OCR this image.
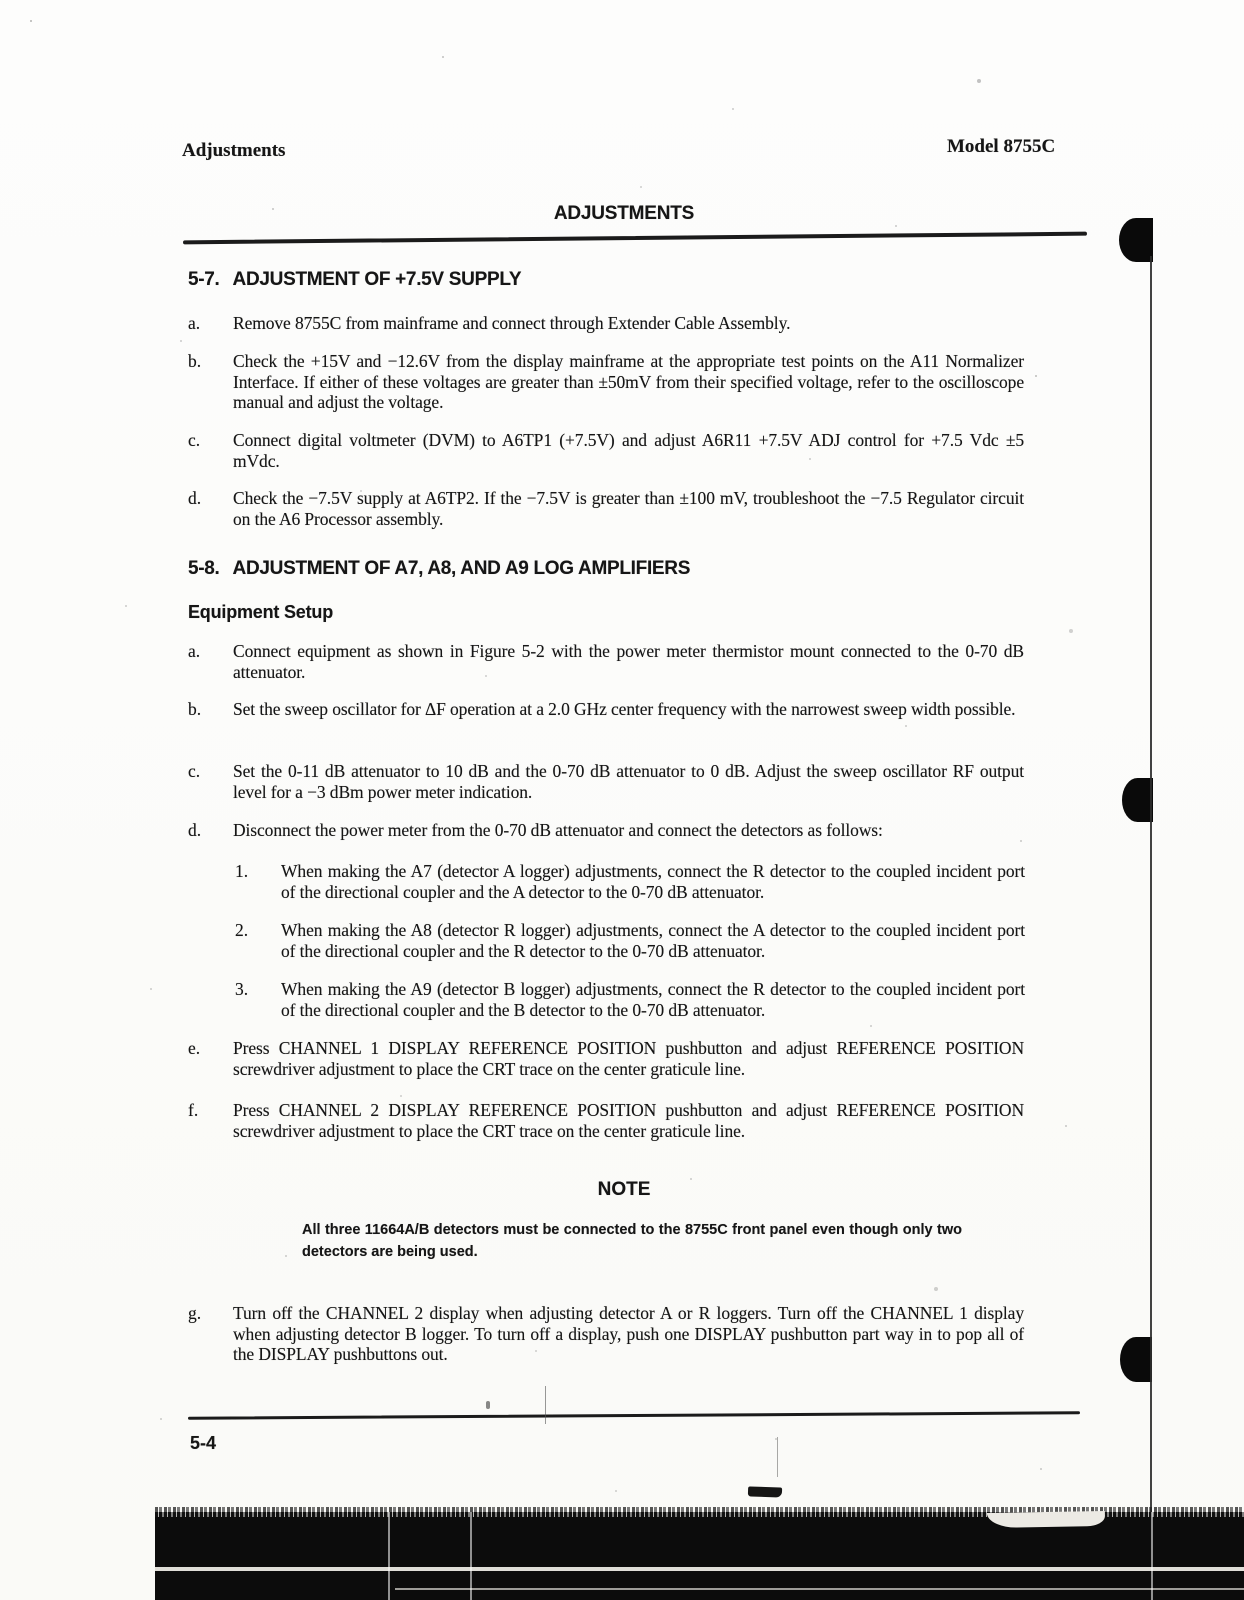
Adjustments	Model 8755C
ADJUSTMENTS
5-7. ADJUSTMENT OF +7.5V SUPPLY
a.	Remove 8755C from mainframe and connect through Extender Cable Assembly.

b.	Check the +15V and −12.6V from the display mainframe at the appropriate test points on the A11 Normalizer Interface. If either of these voltages are greater than ±50mV from their specified voltage, refer to the oscilloscope manual and adjust the voltage.

c.	Connect digital voltmeter (DVM) to A6TP1 (+7.5V) and adjust A6R11 +7.5V ADJ control for +7.5 Vdc ±5 mVdc.

d.	Check the −7.5V supply at A6TP2. If the −7.5V is greater than ±100 mV, troubleshoot the −7.5 Regulator circuit on the A6 Processor assembly.

5-8. ADJUSTMENT OF A7, A8, AND A9 LOG AMPLIFIERS
Equipment Setup
a.	Connect equipment as shown in Figure 5-2 with the power meter thermistor mount connected to the 0-70 dB attenuator.

b.	Set the sweep oscillator for ΔF operation at a 2.0 GHz center frequency with the narrowest sweep width possible.

c.	Set the 0-11 dB attenuator to 10 dB and the 0-70 dB attenuator to 0 dB. Adjust the sweep oscillator RF output level for a −3 dBm power meter indication.

d.	Disconnect the power meter from the 0-70 dB attenuator and connect the detectors as follows:

1.	When making the A7 (detector A logger) adjustments, connect the R detector to the coupled incident port of the directional coupler and the A detector to the 0-70 dB attenuator.

2.	When making the A8 (detector R logger) adjustments, connect the A detector to the coupled incident port of the directional coupler and the R detector to the 0-70 dB attenuator.

3.	When making the A9 (detector B logger) adjustments, connect the R detector to the coupled incident port of the directional coupler and the B detector to the 0-70 dB attenuator.

e.	Press CHANNEL 1 DISPLAY REFERENCE POSITION pushbutton and adjust REFERENCE POSITION screwdriver adjustment to place the CRT trace on the center graticule line.

f.	Press CHANNEL 2 DISPLAY REFERENCE POSITION pushbutton and adjust REFERENCE POSITION screwdriver adjustment to place the CRT trace on the center graticule line.

NOTE

All three 11664A/B detectors must be connected to the 8755C front panel even though only two detectors are being used.

g.	Turn off the CHANNEL 2 display when adjusting detector A or R loggers. Turn off the CHANNEL 1 display when adjusting detector B logger. To turn off a display, push one DISPLAY pushbutton part way in to pop all of the DISPLAY pushbuttons out.

5-4
